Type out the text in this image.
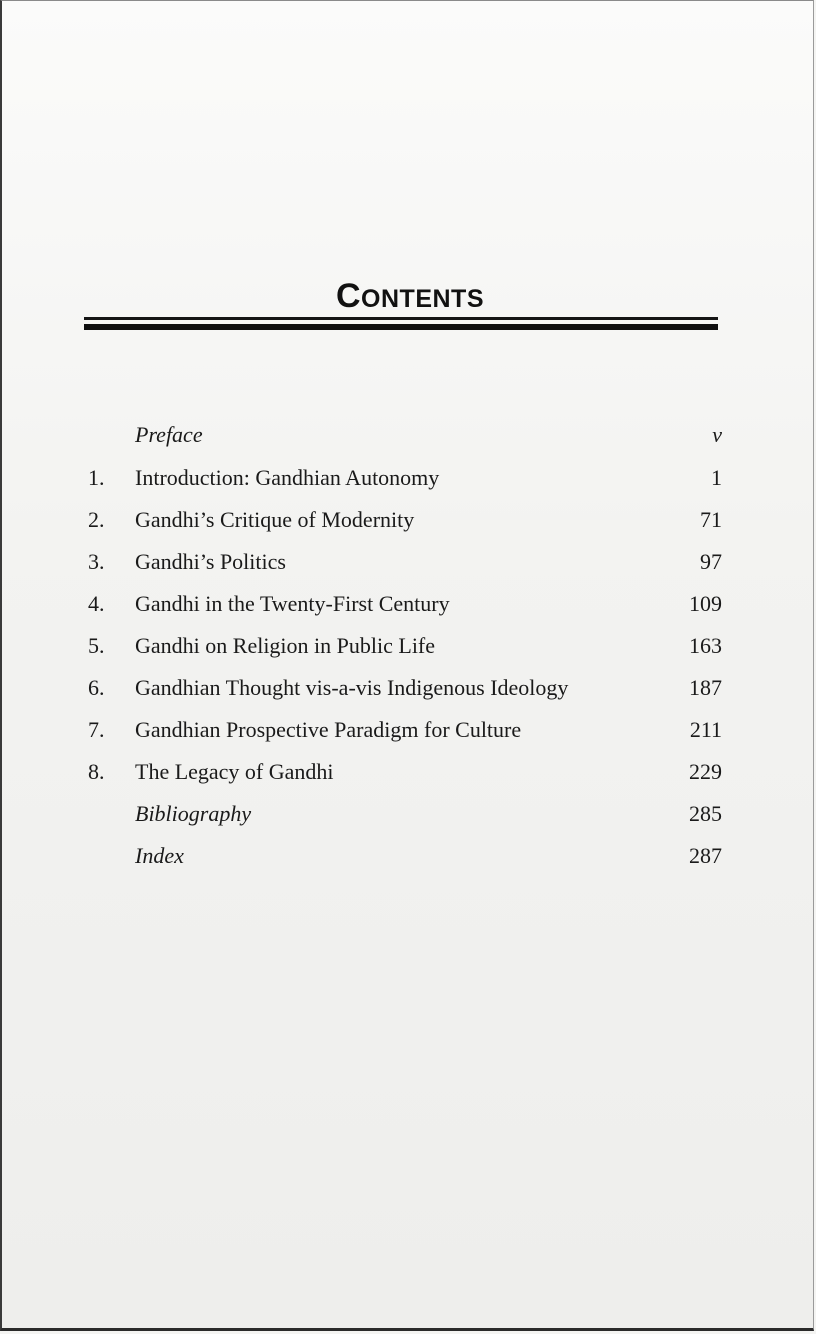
CONTENTS
Preface	v
1.	Introduction: Gandhian Autonomy	1
2.	Gandhi’s Critique of Modernity	71
3.	Gandhi’s Politics	97
4.	Gandhi in the Twenty-First Century	109
5.	Gandhi on Religion in Public Life	163
6.	Gandhian Thought vis-a-vis Indigenous Ideology	187
7.	Gandhian Prospective Paradigm for Culture	211
8.	The Legacy of Gandhi	229
Bibliography	285
Index	287
